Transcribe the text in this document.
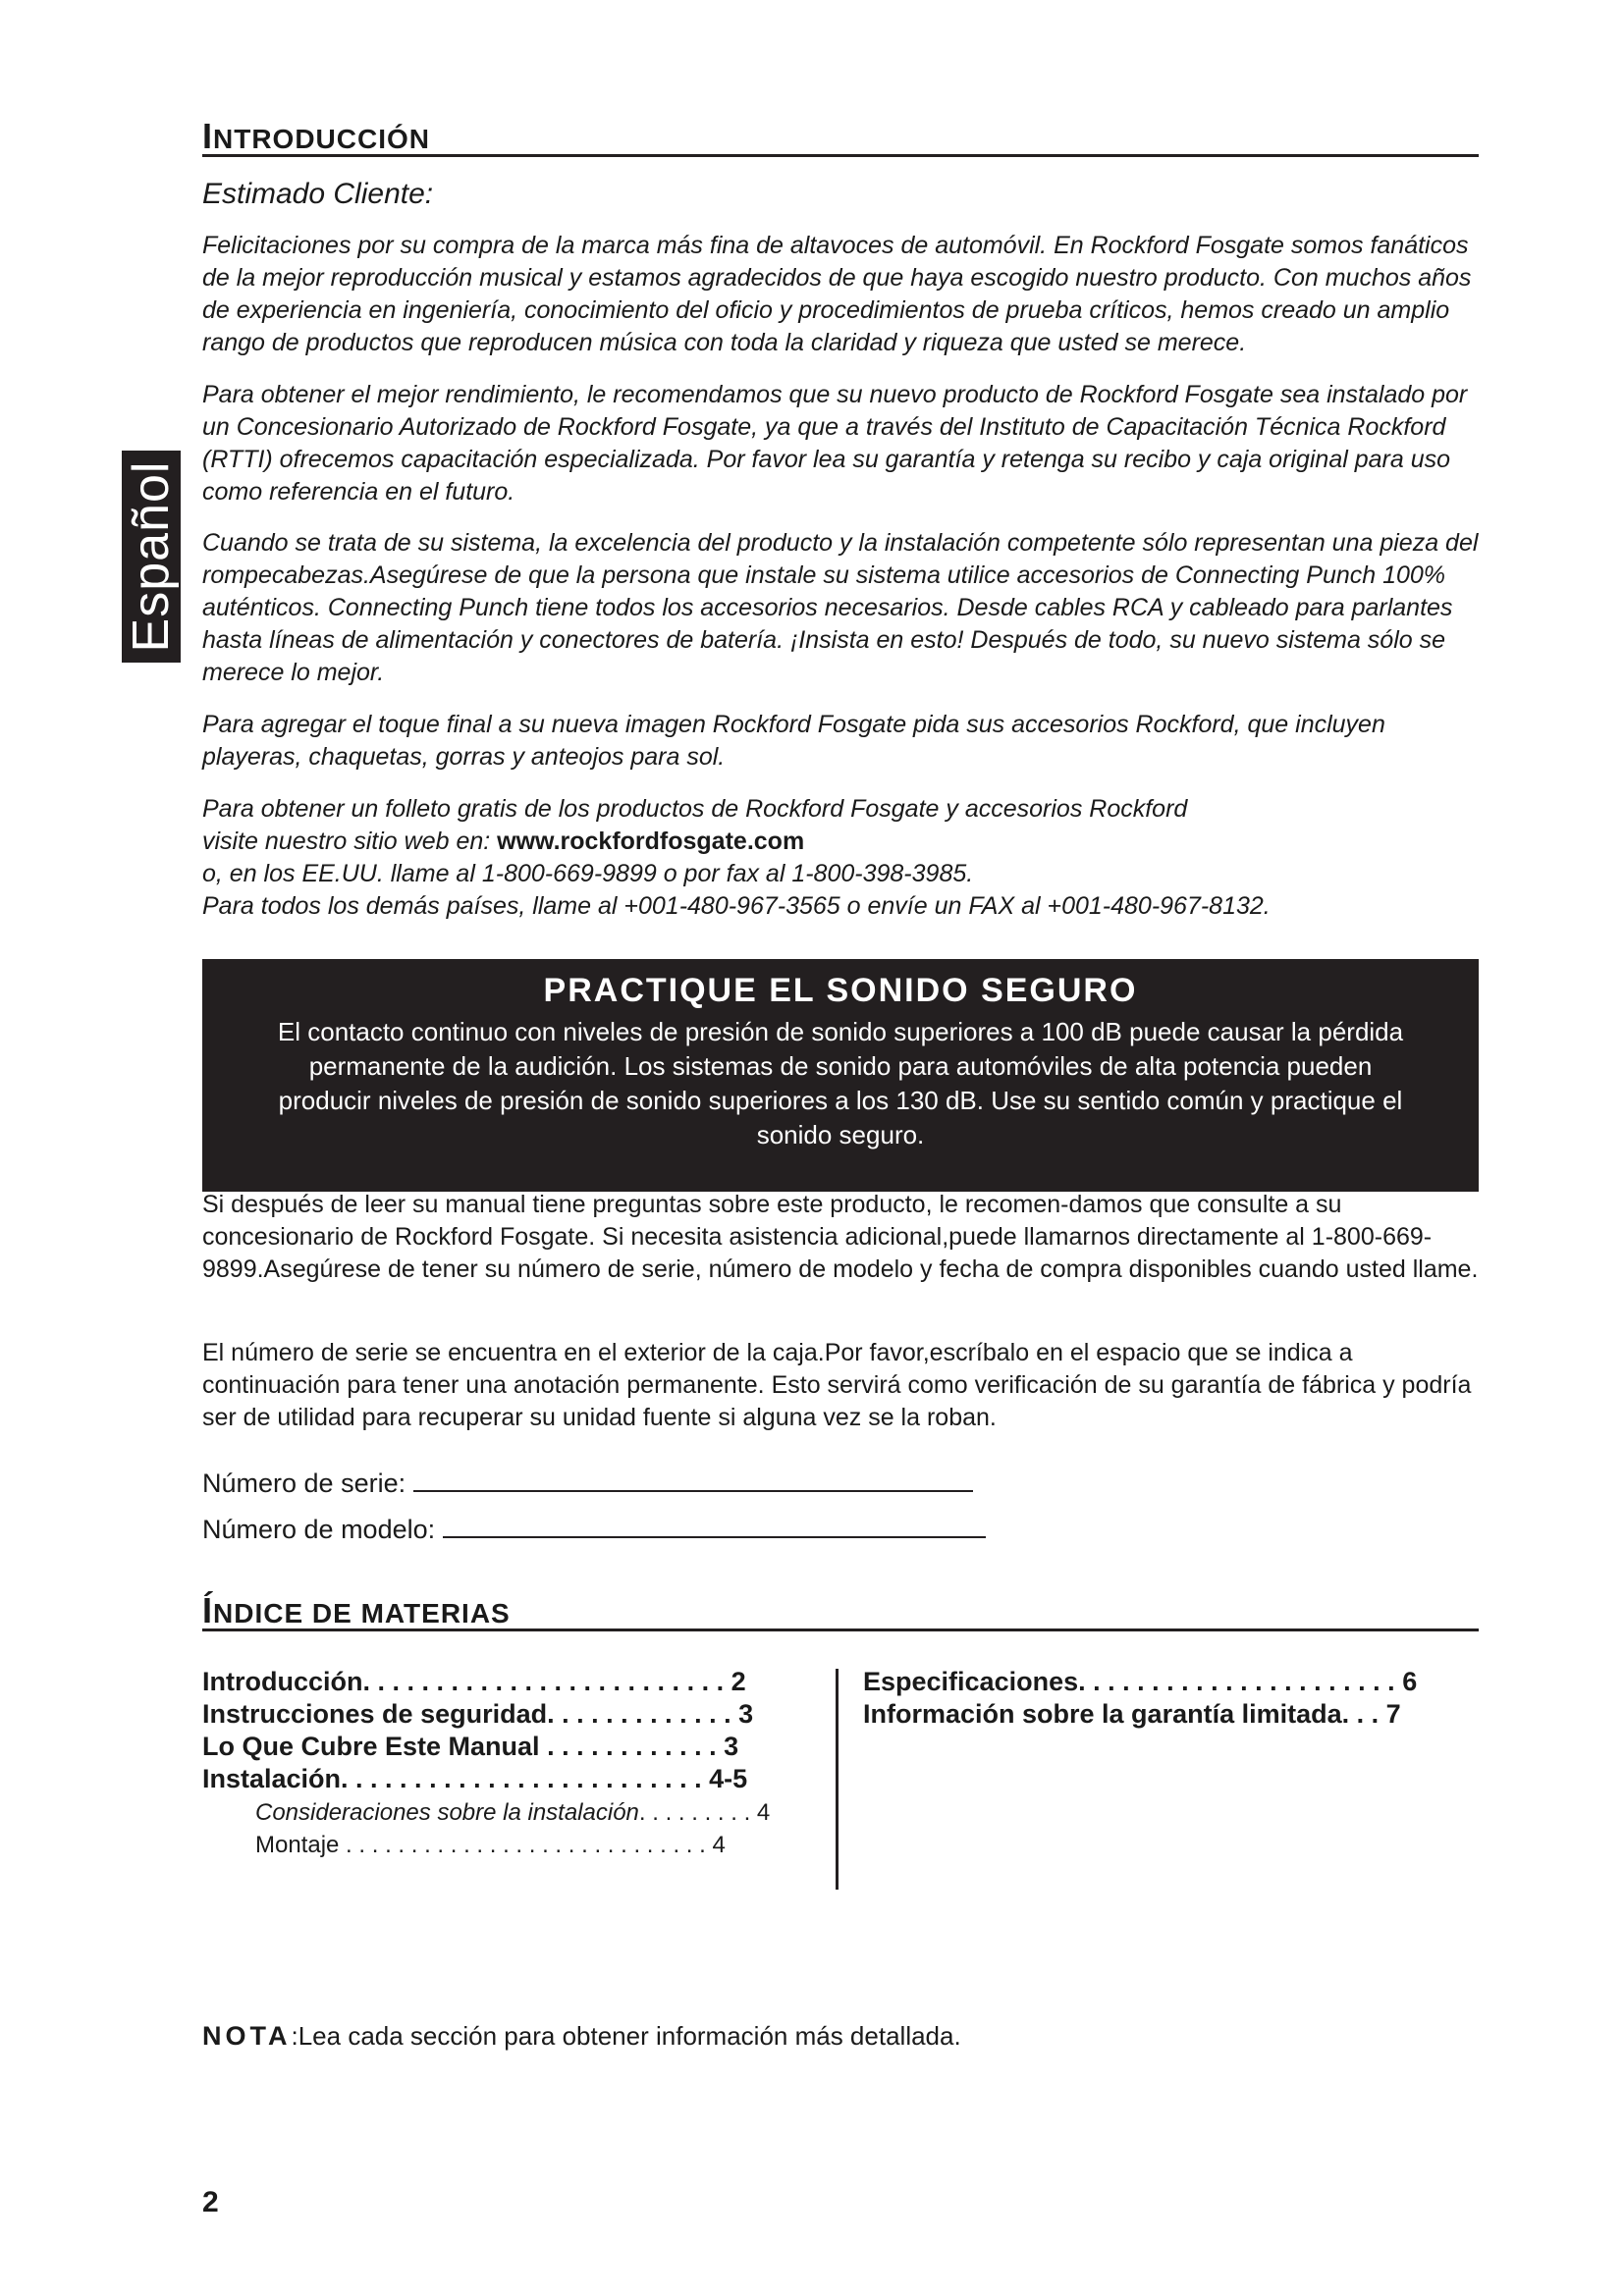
Español
INTRODUCCIÓN
Estimado Cliente:
Felicitaciones por su compra de la marca más fina de altavoces de automóvil. En Rockford Fosgate somos fanáticos de la mejor reproducción musical y estamos agradecidos de que haya escogido nuestro producto. Con muchos años de experiencia en ingeniería, conocimiento del oficio y procedimientos de prueba críticos, hemos creado un amplio rango de productos que reproducen música con toda la claridad y riqueza que usted se merece.
Para obtener el mejor rendimiento, le recomendamos que su nuevo producto de Rockford Fosgate sea instalado por un Concesionario Autorizado de Rockford Fosgate, ya que a través del Instituto de Capacitación Técnica Rockford (RTTI) ofrecemos capacitación especializada. Por favor lea su garantía y retenga su recibo y caja original para uso como referencia en el futuro.
Cuando se trata de su sistema, la excelencia del producto y la instalación competente sólo representan una pieza del rompecabezas.Asegúrese de que la persona que instale su sistema utilice accesorios de Connecting Punch 100% auténticos. Connecting Punch tiene todos los accesorios necesarios. Desde cables RCA y cableado para parlantes hasta líneas de alimentación y conectores de batería. ¡Insista en esto! Después de todo, su nuevo sistema sólo se merece lo mejor.
Para agregar el toque final a su nueva imagen Rockford Fosgate pida sus accesorios Rockford, que incluyen playeras, chaquetas, gorras y anteojos para sol.
Para obtener un folleto gratis de los productos de Rockford Fosgate y accesorios Rockford
visite nuestro sitio web en: www.rockfordfosgate.com
o, en los EE.UU. llame al 1-800-669-9899 o por fax al 1-800-398-3985.
Para todos los demás países, llame al +001-480-967-3565 o envíe un FAX al +001-480-967-8132.
PRACTIQUE EL SONIDO SEGURO
El contacto continuo con niveles de presión de sonido superiores a 100 dB puede causar la pérdida permanente de la audición. Los sistemas de sonido para automóviles de alta potencia pueden producir niveles de presión de sonido superiores a los 130 dB. Use su sentido común y practique el sonido seguro.
Si después de leer su manual tiene preguntas sobre este producto, le recomen-damos que consulte a su concesionario de Rockford Fosgate. Si necesita asistencia adicional,puede llamarnos directamente al 1-800-669-9899.Asegúrese de tener su número de serie, número de modelo y fecha de compra disponibles cuando usted llame.
El número de serie se encuentra en el exterior de la caja.Por favor,escríbalo en el espacio que se indica a continuación para tener una anotación permanente. Esto servirá como verificación de su garantía de fábrica y podría ser de utilidad para recuperar su unidad fuente si alguna vez se la roban.
Número de serie:
Número de modelo:
ÍNDICE DE MATERIAS
Introducción. . . . . . . . . . . . . . . . . . . . . . . . . 2
Instrucciones de seguridad. . . . . . . . . . . . . 3
Lo Que Cubre Este Manual . . . . . . . . . . . . 3
Instalación. . . . . . . . . . . . . . . . . . . . . . . . . 4-5
Consideraciones sobre la instalación. . . . . . . . . 4
Montaje . . . . . . . . . . . . . . . . . . . . . . . . . . . . 4
Especificaciones. . . . . . . . . . . . . . . . . . . . . . 6
Información sobre la garantía limitada. . . 7
NOTA:Lea cada sección para obtener información más detallada.
2
